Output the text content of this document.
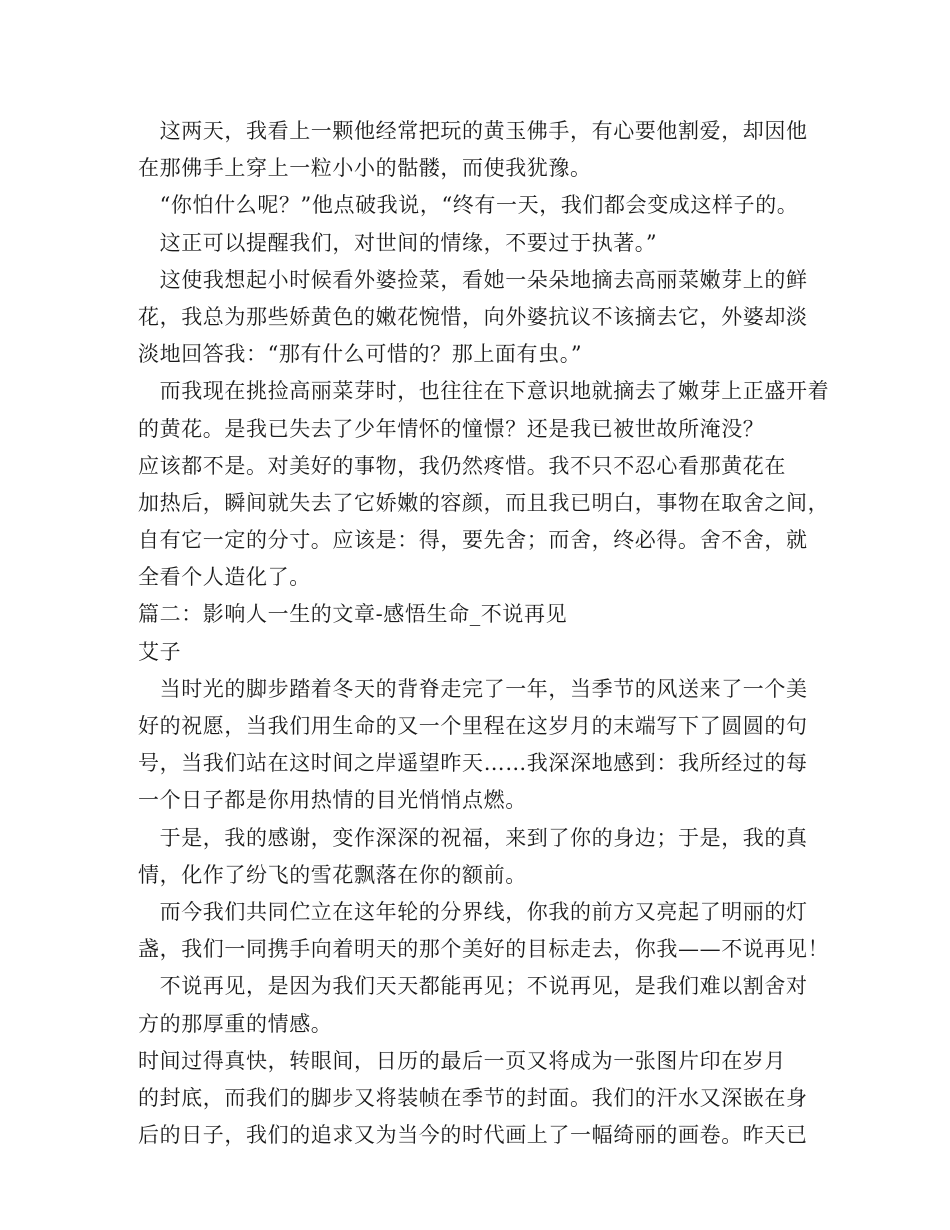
　这两天，我看上一颗他经常把玩的黄玉佛手，有心要他割爱，却因他
在那佛手上穿上一粒小小的骷髅，而使我犹豫。
　“你怕什么呢？”他点破我说，“终有一天，我们都会变成这样子的。
　这正可以提醒我们，对世间的情缘，不要过于执著。”
　这使我想起小时候看外婆捡菜，看她一朵朵地摘去高丽菜嫩芽上的鲜
花，我总为那些娇黄色的嫩花惋惜，向外婆抗议不该摘去它，外婆却淡
淡地回答我：“那有什么可惜的？那上面有虫。”
　而我现在挑捡高丽菜芽时，也往往在下意识地就摘去了嫩芽上正盛开着
的黄花。是我已失去了少年情怀的憧憬？还是我已被世故所淹没？
应该都不是。对美好的事物，我仍然疼惜。我不只不忍心看那黄花在
加热后，瞬间就失去了它娇嫩的容颜，而且我已明白，事物在取舍之间，
自有它一定的分寸。应该是：得，要先舍；而舍，终必得。舍不舍，就
全看个人造化了。
篇二：影响人一生的文章-感悟生命_不说再见
艾子
　当时光的脚步踏着冬天的背脊走完了一年，当季节的风送来了一个美
好的祝愿，当我们用生命的又一个里程在这岁月的末端写下了圆圆的句
号，当我们站在这时间之岸遥望昨天……我深深地感到：我所经过的每
一个日子都是你用热情的目光悄悄点燃。
　于是，我的感谢，变作深深的祝福，来到了你的身边；于是，我的真
情，化作了纷飞的雪花飘落在你的额前。
　而今我们共同伫立在这年轮的分界线，你我的前方又亮起了明丽的灯
盏，我们一同携手向着明天的那个美好的目标走去，你我——不说再见！
　不说再见，是因为我们天天都能再见；不说再见，是我们难以割舍对
方的那厚重的情感。
时间过得真快，转眼间，日历的最后一页又将成为一张图片印在岁月
的封底，而我们的脚步又将装帧在季节的封面。我们的汗水又深嵌在身
后的日子，我们的追求又为当今的时代画上了一幅绮丽的画卷。昨天已
